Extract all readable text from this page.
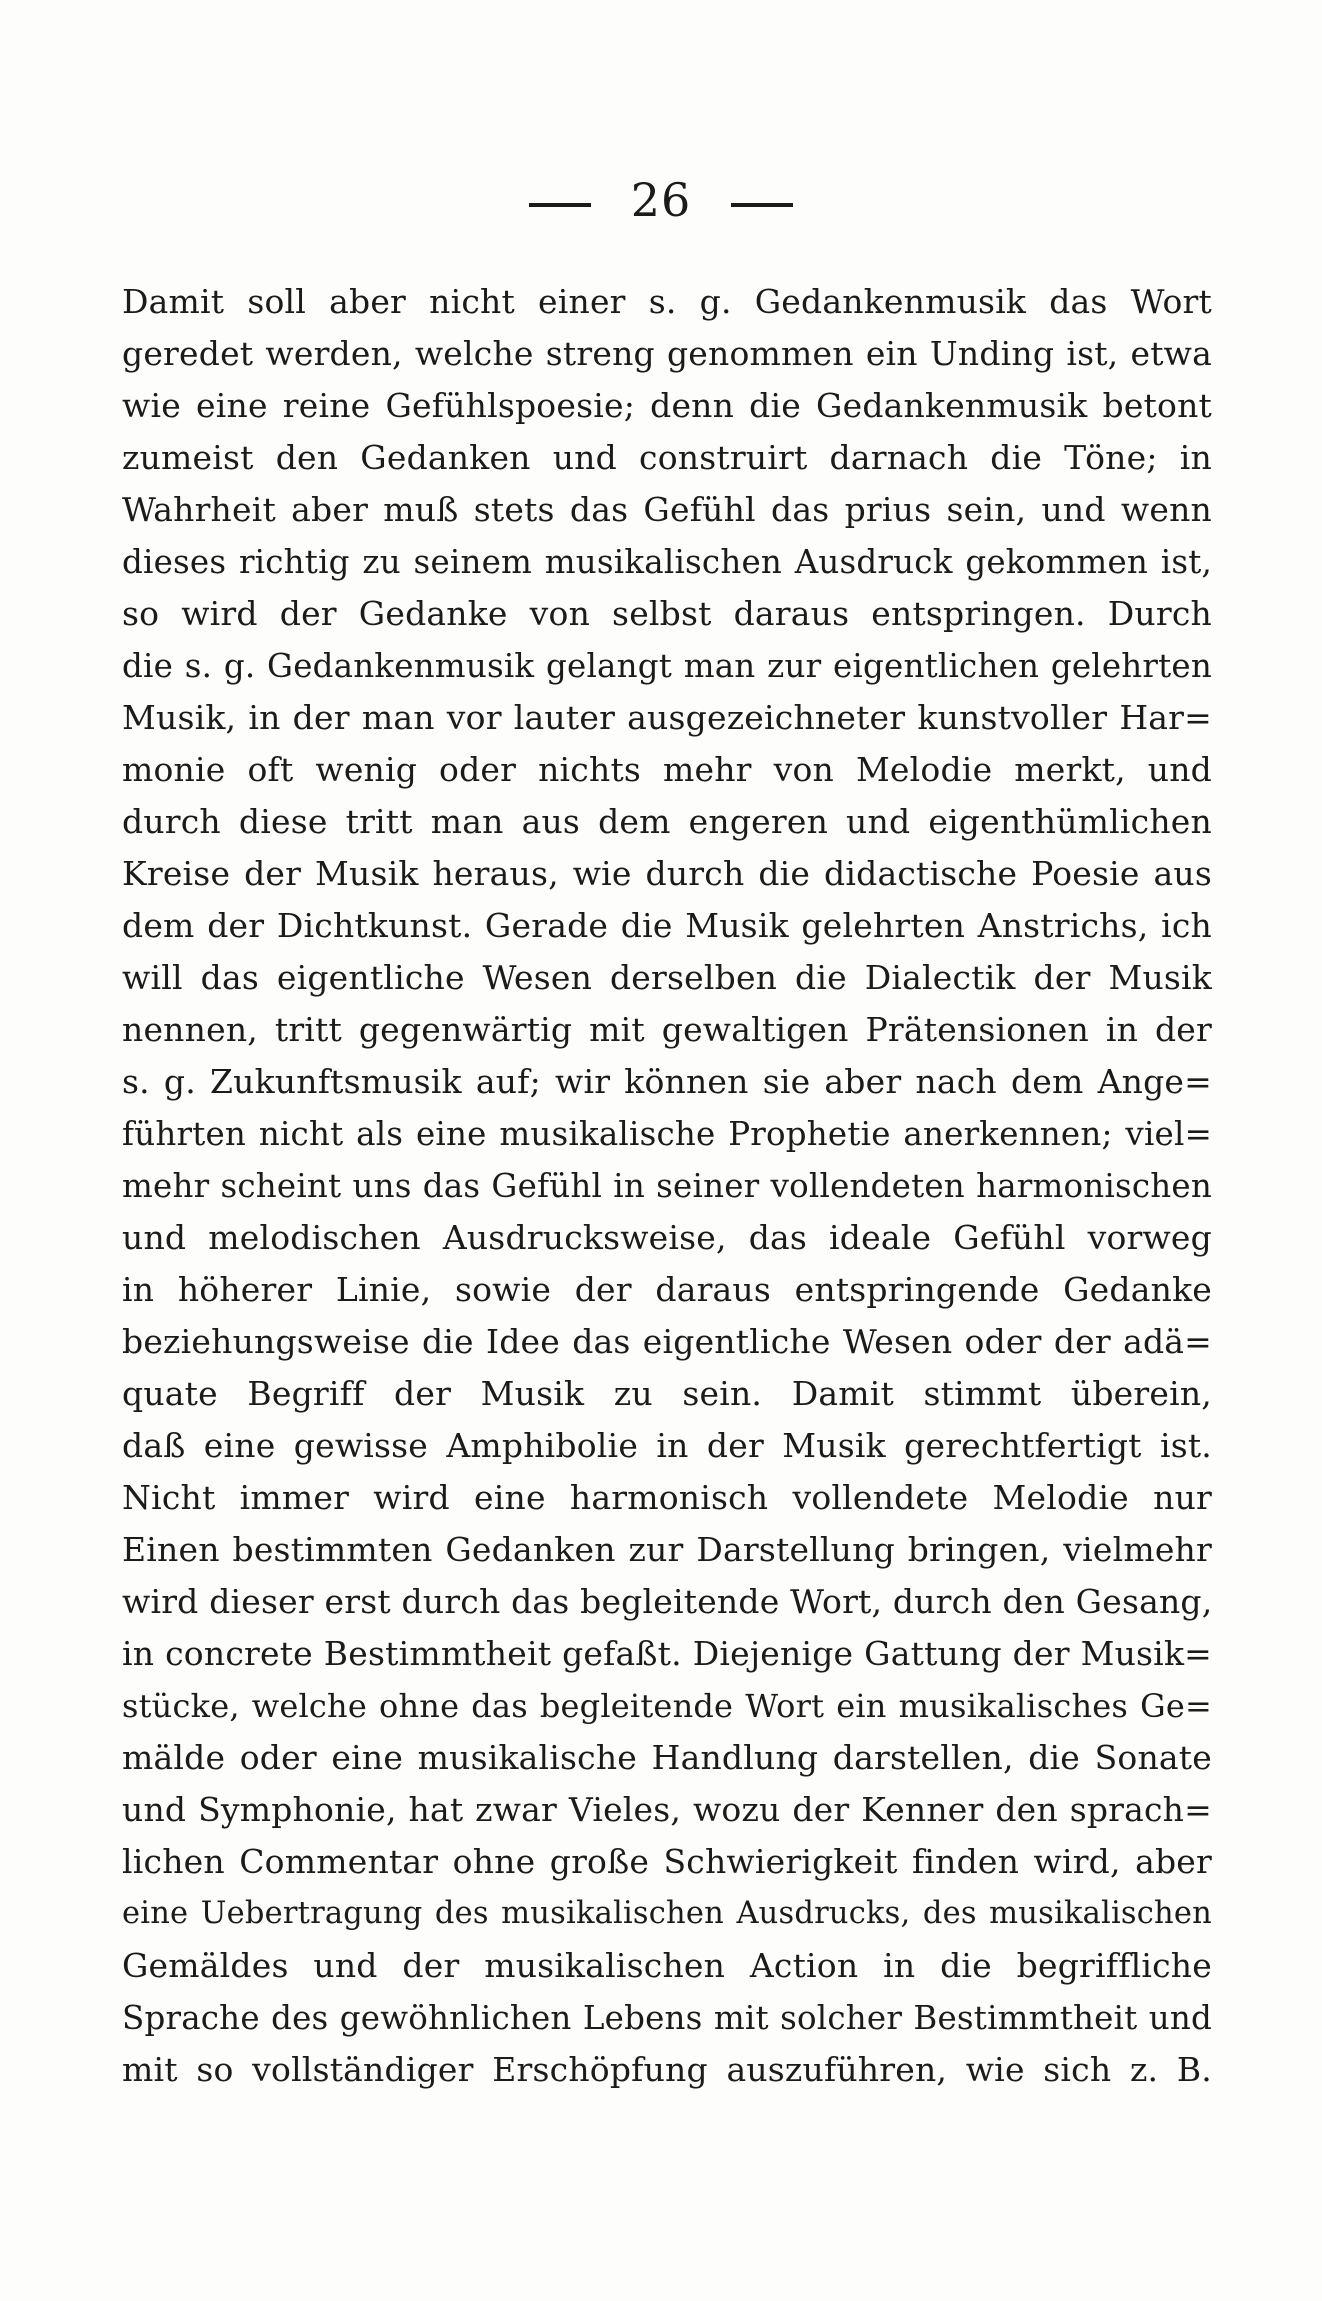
26
Damit soll aber nicht einer s. g. Gedankenmusik das Wort
geredet werden, welche streng genommen ein Unding ist, etwa
wie eine reine Gefühlspoesie; denn die Gedankenmusik betont
zumeist den Gedanken und construirt darnach die Töne; in
Wahrheit aber muß stets das Gefühl das prius sein, und wenn
dieses richtig zu seinem musikalischen Ausdruck gekommen ist,
so wird der Gedanke von selbst daraus entspringen. Durch
die s. g. Gedankenmusik gelangt man zur eigentlichen gelehrten
Musik, in der man vor lauter ausgezeichneter kunstvoller Har=
monie oft wenig oder nichts mehr von Melodie merkt, und
durch diese tritt man aus dem engeren und eigenthümlichen
Kreise der Musik heraus, wie durch die didactische Poesie aus
dem der Dichtkunst. Gerade die Musik gelehrten Anstrichs, ich
will das eigentliche Wesen derselben die Dialectik der Musik
nennen, tritt gegenwärtig mit gewaltigen Prätensionen in der
s. g. Zukunftsmusik auf; wir können sie aber nach dem Ange=
führten nicht als eine musikalische Prophetie anerkennen; viel=
mehr scheint uns das Gefühl in seiner vollendeten harmonischen
und melodischen Ausdrucksweise, das ideale Gefühl vorweg
in höherer Linie, sowie der daraus entspringende Gedanke
beziehungsweise die Idee das eigentliche Wesen oder der adä=
quate Begriff der Musik zu sein. Damit stimmt überein,
daß eine gewisse Amphibolie in der Musik gerechtfertigt ist.
Nicht immer wird eine harmonisch vollendete Melodie nur
Einen bestimmten Gedanken zur Darstellung bringen, vielmehr
wird dieser erst durch das begleitende Wort, durch den Gesang,
in concrete Bestimmtheit gefaßt. Diejenige Gattung der Musik=
stücke, welche ohne das begleitende Wort ein musikalisches Ge=
mälde oder eine musikalische Handlung darstellen, die Sonate
und Symphonie, hat zwar Vieles, wozu der Kenner den sprach=
lichen Commentar ohne große Schwierigkeit finden wird, aber
eine Uebertragung des musikalischen Ausdrucks, des musikalischen
Gemäldes und der musikalischen Action in die begriffliche
Sprache des gewöhnlichen Lebens mit solcher Bestimmtheit und
mit so vollständiger Erschöpfung auszuführen, wie sich z. B.
